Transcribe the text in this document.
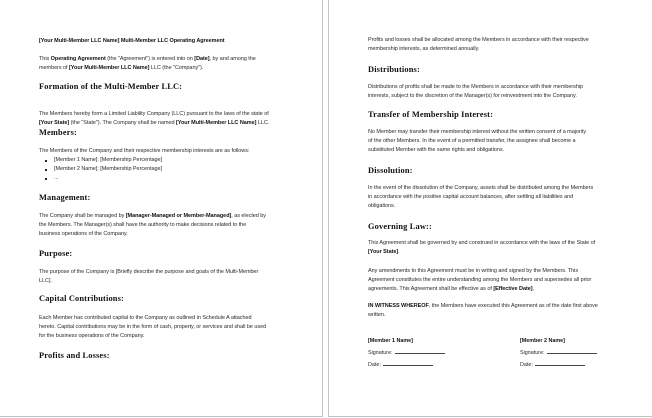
[Your Multi-Member LLC Name] Multi-Member LLC Operating Agreement
This Operating Agreement (the "Agreement") is entered into on [Date], by and among the
members of [Your Multi-Member LLC Name] LLC (the "Company").
Formation of the Multi-Member LLC:
The Members hereby form a Limited Liability Company (LLC) pursuant to the laws of the state of
[Your State] (the "State"). The Company shall be named [Your Multi-Member LLC Name] LLC.
Members:
The Members of the Company and their respective membership interests are as follows:
[Member 1 Name]: [Membership Percentage]
[Member 2 Name]: [Membership Percentage]
...
Management:
The Company shall be managed by [Manager-Managed or Member-Managed], as elected by
the Members. The Manager(s) shall have the authority to make decisions related to the
business operations of the Company.
Purpose:
The purpose of the Company is [Briefly describe the purpose and goals of the Multi-Member
LLC].
Capital Contributions:
Each Member has contributed capital to the Company as outlined in Schedule A attached
hereto. Capital contributions may be in the form of cash, property, or services and shall be used
for the business operations of the Company.
Profits and Losses:
Profits and losses shall be allocated among the Members in accordance with their respective
membership interests, as determined annually.
Distributions:
Distributions of profits shall be made to the Members in accordance with their membership
interests, subject to the discretion of the Manager(s) for reinvestment into the Company.
Transfer of Membership Interest:
No Member may transfer their membership interest without the written consent of a majority
of the other Members. In the event of a permitted transfer, the assignee shall become a
substituted Member with the same rights and obligations.
Dissolution:
In the event of the dissolution of the Company, assets shall be distributed among the Members
in accordance with the positive capital account balances, after settling all liabilities and
obligations.
Governing Law::
This Agreement shall be governed by and construed in accordance with the laws of the State of
[Your State].
Any amendments to this Agreement must be in writing and signed by the Members. This
Agreement constitutes the entire understanding among the Members and supersedes all prior
agreements. This Agreement shall be effective as of [Effective Date].
IN WITNESS WHEREOF, the Members have executed this Agreement as of the date first above
written.
[Member 1 Name]
Signature:
Date:
[Member 2 Name]
Signature:
Date:
